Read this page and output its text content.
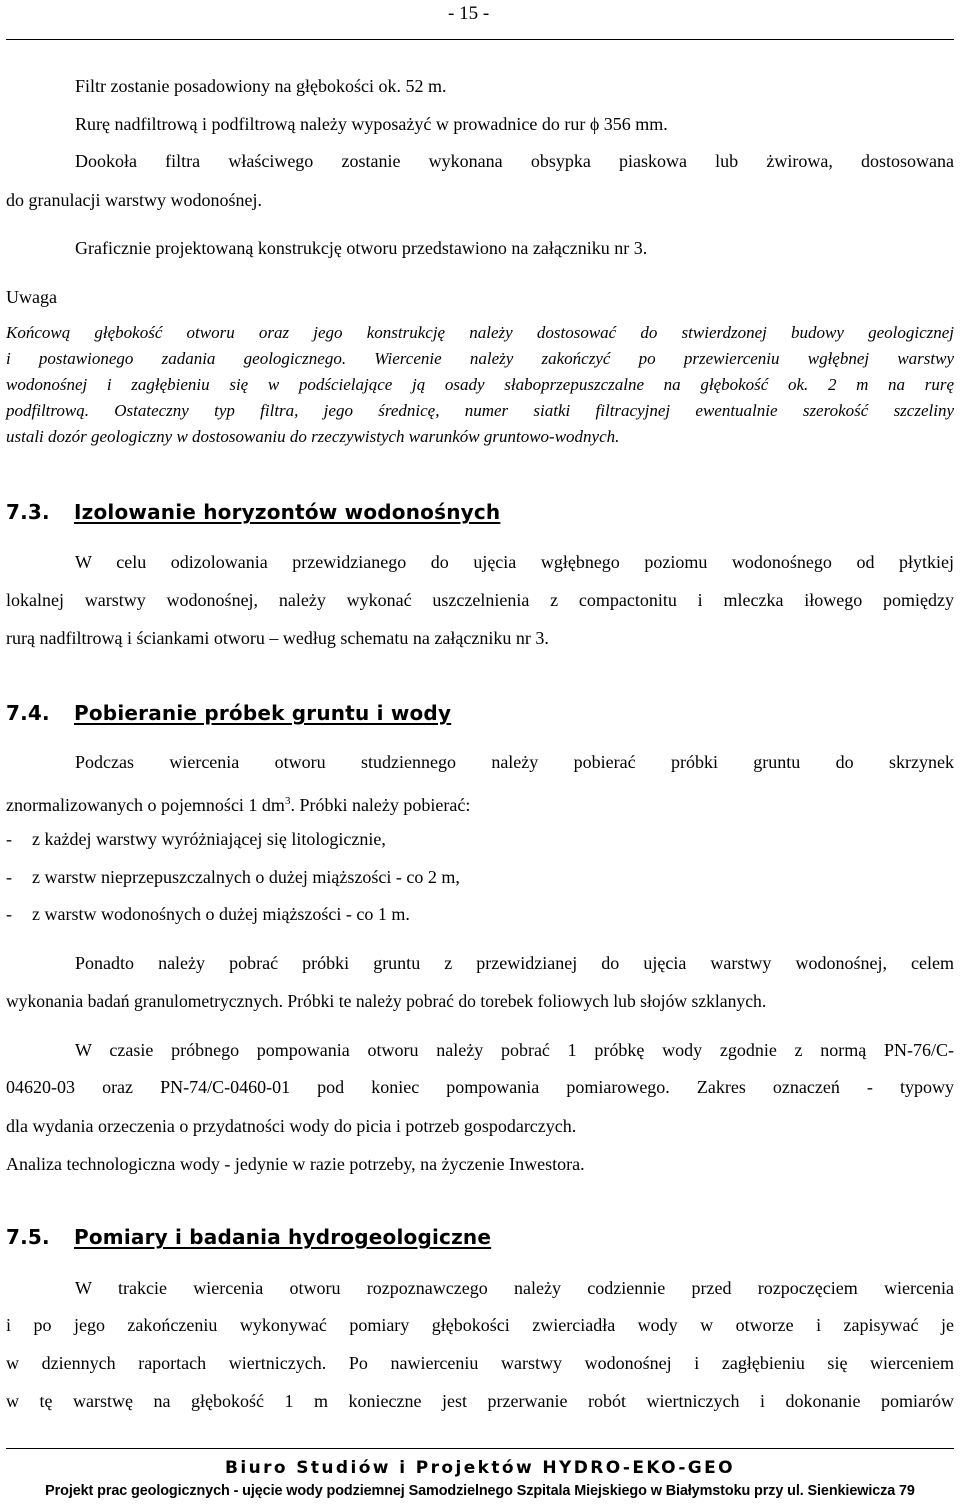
- 15 -
Filtr zostanie posadowiony na głębokości ok. 52 m.
Rurę nadfiltrową i podfiltrową należy wyposażyć w prowadnice do rur ϕ 356 mm.
Dookoła filtra właściwego zostanie wykonana obsypka piaskowa lub żwirowa, dostosowana
do granulacji warstwy wodonośnej.
Graficznie projektowaną konstrukcję otworu przedstawiono na załączniku nr 3.
Uwaga
Końcową głębokość otworu oraz jego konstrukcję należy dostosować do stwierdzonej budowy geologicznej
i postawionego zadania geologicznego. Wiercenie należy zakończyć po przewierceniu wgłębnej warstwy
wodonośnej i zagłębieniu się w podścielające ją osady słaboprzepuszczalne na głębokość ok. 2 m na rurę
podfiltrową. Ostateczny typ filtra, jego średnicę, numer siatki filtracyjnej ewentualnie szerokość szczeliny
ustali dozór geologiczny w dostosowaniu do rzeczywistych warunków gruntowo-wodnych.
7.3. Izolowanie horyzontów wodonośnych
W celu odizolowania przewidzianego do ujęcia wgłębnego poziomu wodonośnego od płytkiej
lokalnej warstwy wodonośnej, należy wykonać uszczelnienia z compactonitu i mleczka iłowego pomiędzy
rurą nadfiltrową i ściankami otworu – według schematu na załączniku nr 3.
7.4. Pobieranie próbek gruntu i wody
Podczas wiercenia otworu studziennego należy pobierać próbki gruntu do skrzynek
znormalizowanych o pojemności 1 $dm^3$. Próbki należy pobierać:
- z każdej warstwy wyróżniającej się litologicznie,
- z warstw nieprzepuszczalnych o dużej miąższości - co 2 m,
- z warstw wodonośnych o dużej miąższości - co 1 m.
Ponadto należy pobrać próbki gruntu z przewidzianej do ujęcia warstwy wodonośnej, celem
wykonania badań granulometrycznych. Próbki te należy pobrać do torebek foliowych lub słojów szklanych.
W czasie próbnego pompowania otworu należy pobrać 1 próbkę wody zgodnie z normą PN-76/C-
04620-03 oraz PN-74/C-0460-01 pod koniec pompowania pomiarowego. Zakres oznaczeń - typowy
dla wydania orzeczenia o przydatności wody do picia i potrzeb gospodarczych.
Analiza technologiczna wody - jedynie w razie potrzeby, na życzenie Inwestora.
7.5. Pomiary i badania hydrogeologiczne
W trakcie wiercenia otworu rozpoznawczego należy codziennie przed rozpoczęciem wiercenia
i po jego zakończeniu wykonywać pomiary głębokości zwierciadła wody w otworze i zapisywać je
w dziennych raportach wiertniczych. Po nawierceniu warstwy wodonośnej i zagłębieniu się wierceniem
w tę warstwę na głębokość 1 m konieczne jest przerwanie robót wiertniczych i dokonanie pomiarów
Biuro Studiów i Projektów HYDRO-EKO-GEO
Projekt prac geologicznych - ujęcie wody podziemnej Samodzielnego Szpitala Miejskiego w Białymstoku przy ul. Sienkiewicza 79
